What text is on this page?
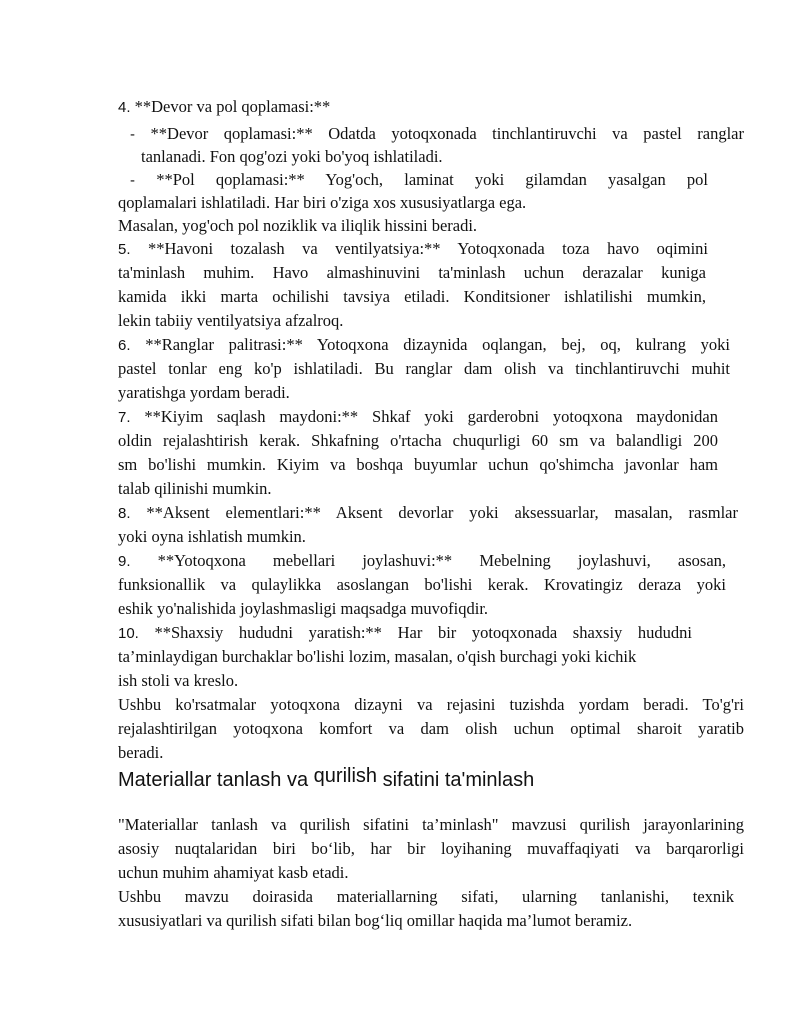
4. **Devor va pol qoplamasi:**
- **Devor qoplamasi:** Odatda yotoqxonada tinchlantiruvchi va pastel ranglar
tanlanadi. Fon qog'ozi yoki bo'yoq ishlatiladi.
- **Pol qoplamasi:** Yog'och, laminat yoki gilamdan yasalgan pol
qoplamalari ishlatiladi. Har biri o'ziga xos xususiyatlarga ega.
Masalan, yog'och pol noziklik va iliqlik hissini beradi.
5. **Havoni tozalash va ventilyatsiya:** Yotoqxonada toza havo oqimini
ta'minlash muhim. Havo almashinuvini ta'minlash uchun derazalar kuniga
kamida ikki marta ochilishi tavsiya etiladi. Konditsioner ishlatilishi mumkin,
lekin tabiiy ventilyatsiya afzalroq.
6. **Ranglar palitrasi:** Yotoqxona dizaynida oqlangan, bej, oq, kulrang yoki
pastel tonlar eng ko'p ishlatiladi. Bu ranglar dam olish va tinchlantiruvchi muhit
yaratishga yordam beradi.
7. **Kiyim saqlash maydoni:** Shkaf yoki garderobni yotoqxona maydonidan
oldin rejalashtirish kerak. Shkafning o'rtacha chuqurligi 60 sm va balandligi 200
sm bo'lishi mumkin. Kiyim va boshqa buyumlar uchun qo'shimcha javonlar ham
talab qilinishi mumkin.
8. **Aksent elementlari:** Aksent devorlar yoki aksessuarlar, masalan, rasmlar
yoki oyna ishlatish mumkin.
9. **Yotoqxona mebellari joylashuvi:** Mebelning joylashuvi, asosan,
funksionallik va qulaylikka asoslangan bo'lishi kerak. Krovatingiz deraza yoki
eshik yo'nalishida joylashmasligi maqsadga muvofiqdir.
10. **Shaxsiy hududni yaratish:** Har bir yotoqxonada shaxsiy hududni
ta’minlaydigan burchaklar bo'lishi lozim, masalan, o'qish burchagi yoki kichik
ish stoli va kreslo.
Ushbu ko'rsatmalar yotoqxona dizayni va rejasini tuzishda yordam beradi. To'g'ri
rejalashtirilgan yotoqxona komfort va dam olish uchun optimal sharoit yaratib
beradi.
Materiallar tanlash va qurilish sifatini ta'minlash
"Materiallar tanlash va qurilish sifatini ta’minlash" mavzusi qurilish jarayonlarining
asosiy nuqtalaridan biri bo‘lib, har bir loyihaning muvaffaqiyati va barqarorligi
uchun muhim ahamiyat kasb etadi.
Ushbu mavzu doirasida materiallarning sifati, ularning tanlanishi, texnik
xususiyatlari va qurilish sifati bilan bog‘liq omillar haqida ma’lumot beramiz.
